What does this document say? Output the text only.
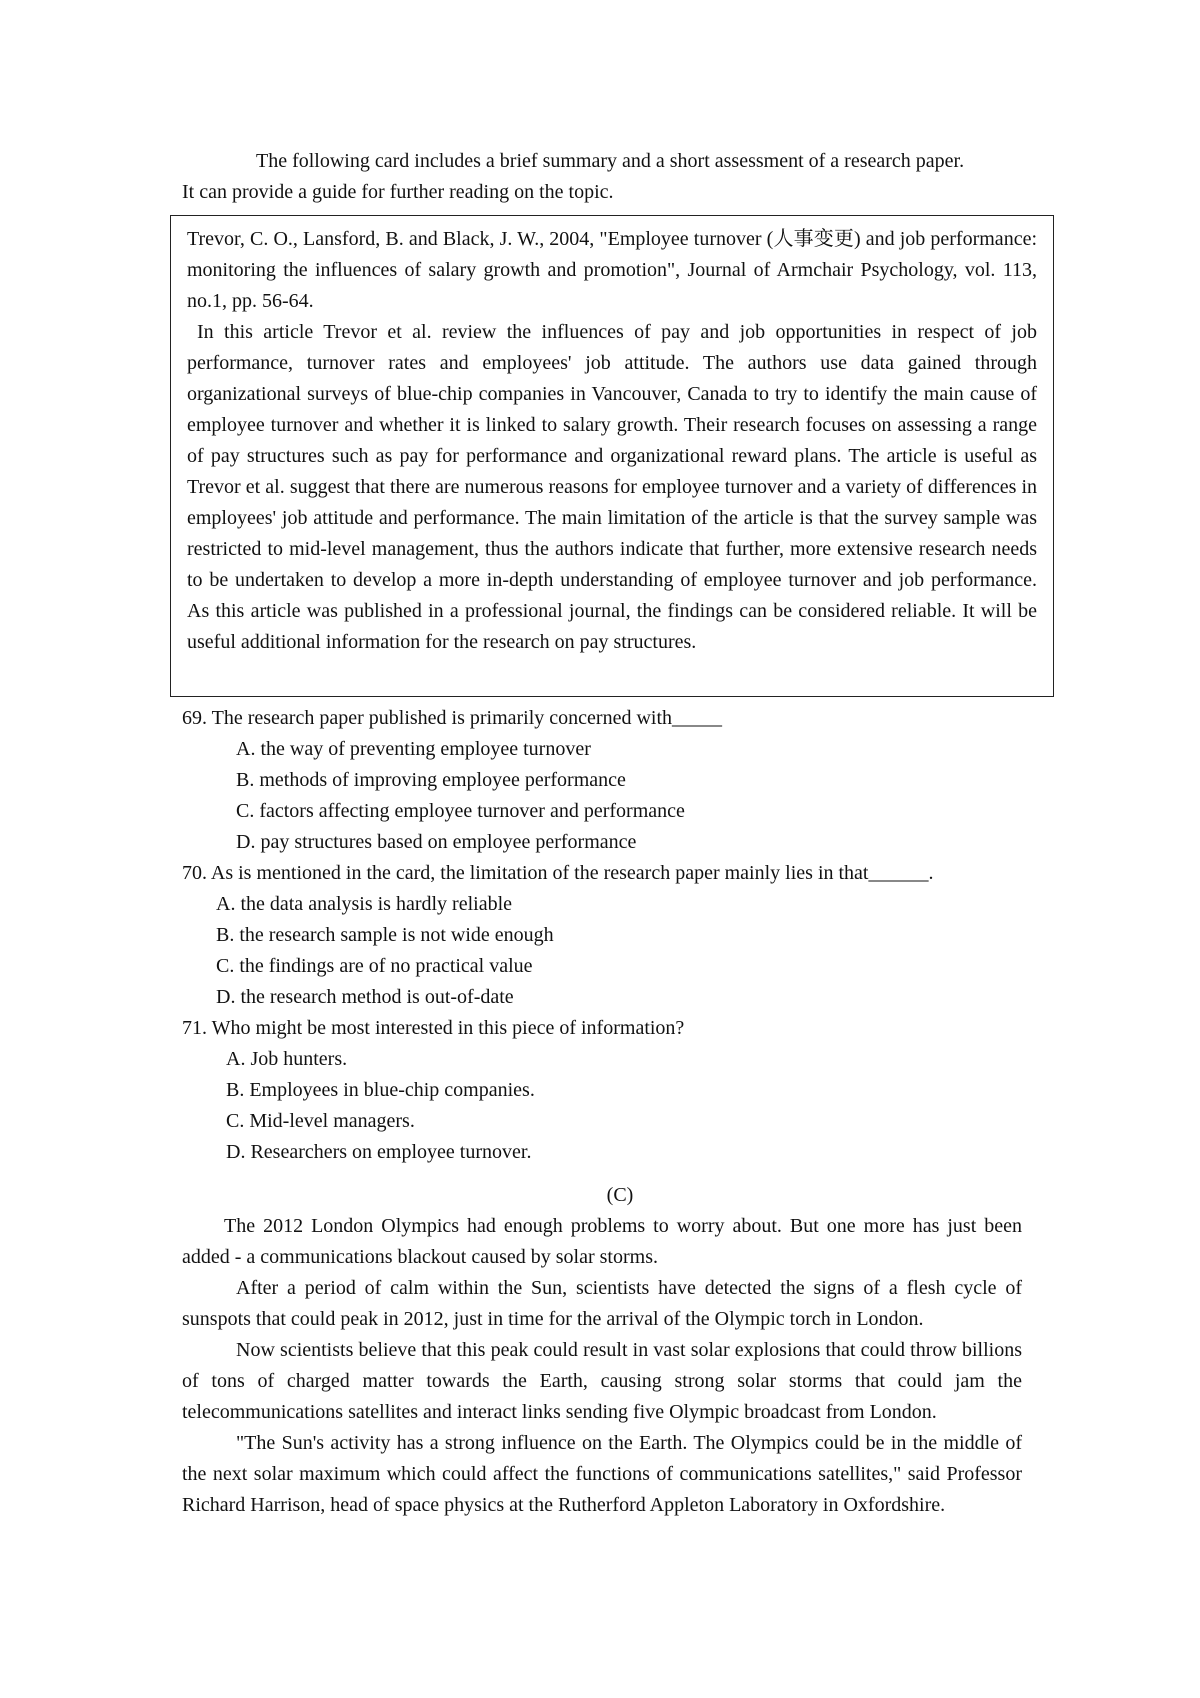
The following card includes a brief summary and a short assessment of a research paper.
It can provide a guide for further reading on the topic.

Trevor, C. O., Lansford, B. and Black, J. W., 2004, "Employee turnover (人事变更) and job performance: monitoring the influences of salary growth and promotion", Journal of Armchair Psychology, vol. 113, no.1, pp. 56-64.

In this article Trevor et al. review the influences of pay and job opportunities in respect of job performance, turnover rates and employees' job attitude. The authors use data gained through organizational surveys of blue-chip companies in Vancouver, Canada to try to identify the main cause of employee turnover and whether it is linked to salary growth. Their research focuses on assessing a range of pay structures such as pay for performance and organizational reward plans. The article is useful as Trevor et al. suggest that there are numerous reasons for employee turnover and a variety of differences in employees' job attitude and performance. The main limitation of the article is that the survey sample was restricted to mid-level management, thus the authors indicate that further, more extensive research needs to be undertaken to develop a more in-depth understanding of employee turnover and job performance. As this article was published in a professional journal, the findings can be considered reliable. It will be useful additional information for the research on pay structures.

69. The research paper published is primarily concerned with_____
A. the way of preventing employee turnover
B. methods of improving employee performance
C. factors affecting employee turnover and performance
D. pay structures based on employee performance
70. As is mentioned in the card, the limitation of the research paper mainly lies in that______.
A. the data analysis is hardly reliable
B. the research sample is not wide enough
C. the findings are of no practical value
D. the research method is out-of-date
71. Who might be most interested in this piece of information?
A. Job hunters.
B. Employees in blue-chip companies.
C. Mid-level managers.
D. Researchers on employee turnover.
(C)

The 2012 London Olympics had enough problems to worry about. But one more has just been added - a communications blackout caused by solar storms.

After a period of calm within the Sun, scientists have detected the signs of a flesh cycle of sunspots that could peak in 2012, just in time for the arrival of the Olympic torch in London.

Now scientists believe that this peak could result in vast solar explosions that could throw billions of tons of charged matter towards the Earth, causing strong solar storms that could jam the telecommunications satellites and interact links sending five Olympic broadcast from London.

"The Sun's activity has a strong influence on the Earth. The Olympics could be in the middle of the next solar maximum which could affect the functions of communications satellites," said Professor Richard Harrison, head of space physics at the Rutherford Appleton Laboratory in Oxfordshire.
